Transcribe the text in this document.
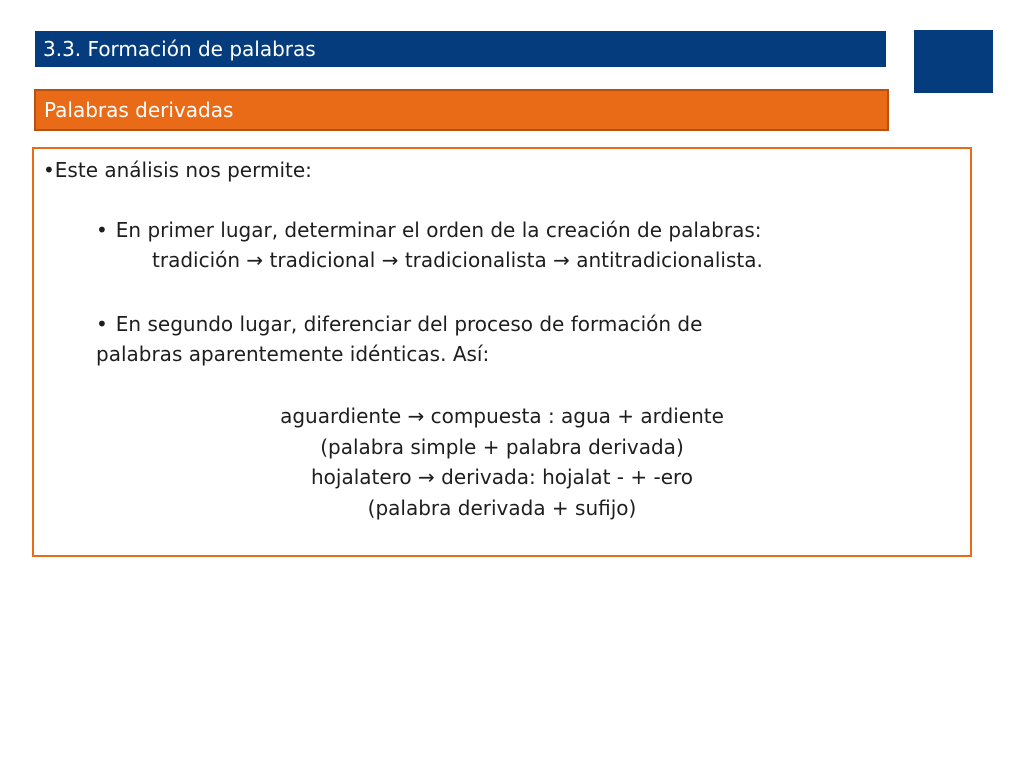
3.3. Formación de palabras
Palabras derivadas
•Este análisis nos permite:
• En primer lugar, determinar el orden de la creación de palabras:
tradición → tradicional → tradicionalista → antitradicionalista.
• En segundo lugar, diferenciar del proceso de formación de
palabras aparentemente idénticas. Así:
aguardiente → compuesta : agua + ardiente
(palabra simple + palabra derivada)
hojalatero → derivada: hojalat - + -ero
(palabra derivada + sufijo)
